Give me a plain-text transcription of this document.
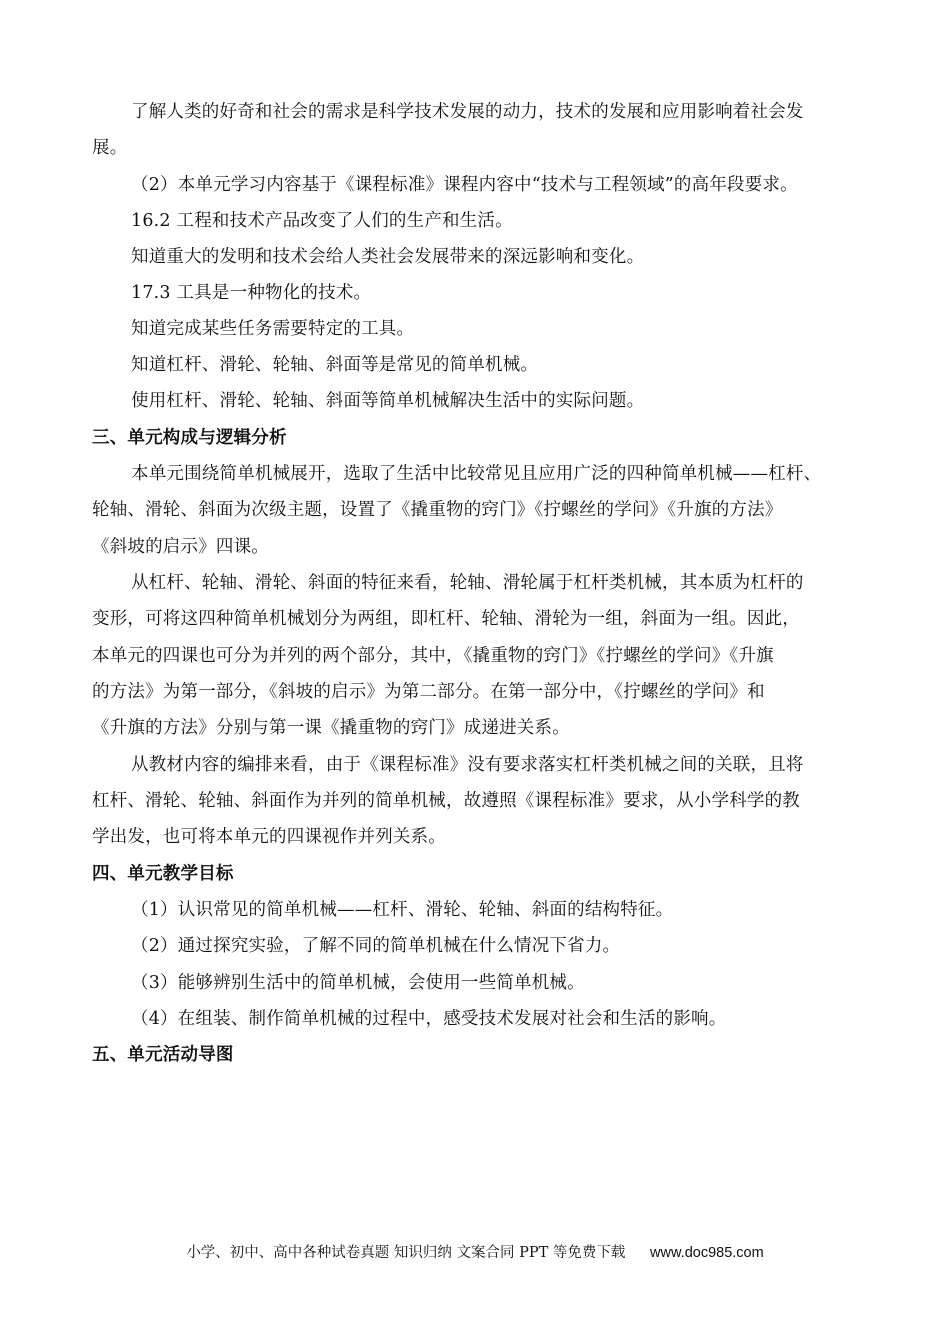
了解人类的好奇和社会的需求是科学技术发展的动力，技术的发展和应用影响着社会发
展。
（2）本单元学习内容基于《课程标准》课程内容中“技术与工程领域”的高年段要求。
16.2 工程和技术产品改变了人们的生产和生活。
知道重大的发明和技术会给人类社会发展带来的深远影响和变化。
17.3 工具是一种物化的技术。
知道完成某些任务需要特定的工具。
知道杠杆、滑轮、轮轴、斜面等是常见的简单机械。
使用杠杆、滑轮、轮轴、斜面等简单机械解决生活中的实际问题。
三、单元构成与逻辑分析
本单元围绕简单机械展开，选取了生活中比较常见且应用广泛的四种简单机械——杠杆、
轮轴、滑轮、斜面为次级主题，设置了《撬重物的窍门》《拧螺丝的学问》《升旗的方法》
《斜坡的启示》四课。
从杠杆、轮轴、滑轮、斜面的特征来看，轮轴、滑轮属于杠杆类机械，其本质为杠杆的
变形，可将这四种简单机械划分为两组，即杠杆、轮轴、滑轮为一组，斜面为一组。因此，
本单元的四课也可分为并列的两个部分，其中，《撬重物的窍门》《拧螺丝的学问》《升旗
的方法》为第一部分，《斜坡的启示》为第二部分。在第一部分中，《拧螺丝的学问》和
《升旗的方法》分别与第一课《撬重物的窍门》成递进关系。
从教材内容的编排来看，由于《课程标准》没有要求落实杠杆类机械之间的关联，且将
杠杆、滑轮、轮轴、斜面作为并列的简单机械，故遵照《课程标准》要求，从小学科学的教
学出发，也可将本单元的四课视作并列关系。
四、单元教学目标
（1）认识常见的简单机械——杠杆、滑轮、轮轴、斜面的结构特征。
（2）通过探究实验，了解不同的简单机械在什么情况下省力。
（3）能够辨别生活中的简单机械，会使用一些简单机械。
（4）在组装、制作简单机械的过程中，感受技术发展对社会和生活的影响。
五、单元活动导图
小学、初中、高中各种试卷真题 知识归纳 文案合同 PPT 等免费下载 www.doc985.com
